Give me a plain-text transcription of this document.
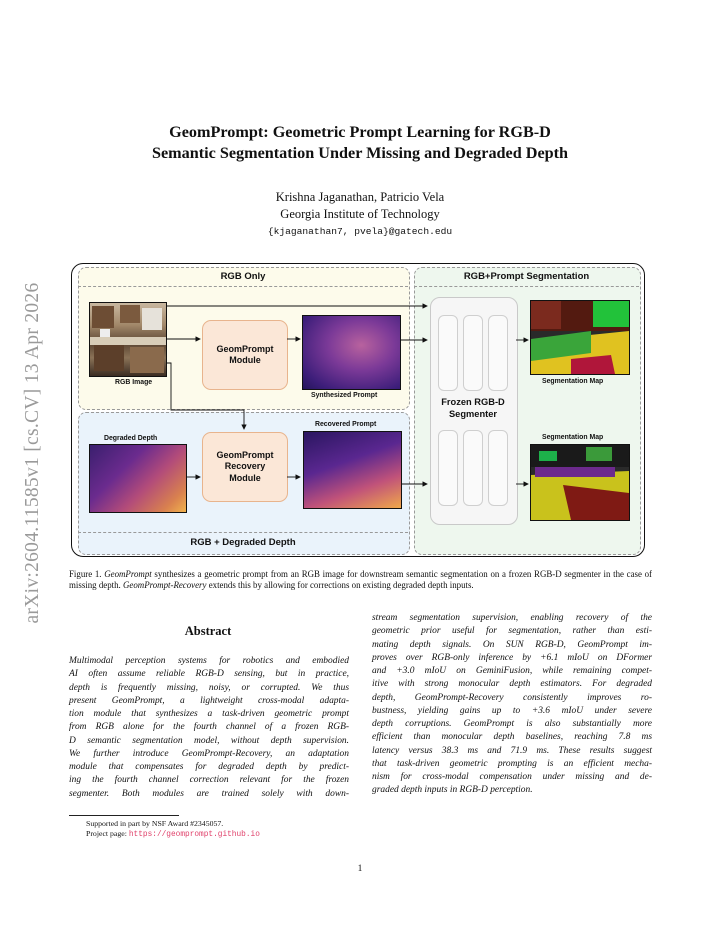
arXiv:2604.11585v1 [cs.CV] 13 Apr 2026
GeomPrompt: Geometric Prompt Learning for RGB-D
Semantic Segmentation Under Missing and Degraded Depth
Krishna Jaganathan, Patricio Vela
Georgia Institute of Technology
{kjaganathan7, pvela}@gatech.edu
RGB Only
RGB + Degraded Depth
RGB+Prompt Segmentation
RGB Image
GeomPrompt
Module
Synthesized Prompt
Degraded Depth
GeomPrompt
Recovery
Module
Recovered Prompt
Frozen RGB-D
Segmenter
Segmentation Map
Segmentation Map
Figure 1. GeomPrompt synthesizes a geometric prompt from an RGB image for downstream semantic segmentation on a frozen RGB-D segmenter in the case of missing depth. GeomPrompt-Recovery extends this by allowing for corrections on existing degraded depth inputs.
Abstract
Multimodal perception systems for robotics and embodied
AI often assume reliable RGB-D sensing, but in practice,
depth is frequently missing, noisy, or corrupted. We thus
present GeomPrompt, a lightweight cross-modal adapta-
tion module that synthesizes a task-driven geometric prompt
from RGB alone for the fourth channel of a frozen RGB-
D semantic segmentation model, without depth supervision.
We further introduce GeomPrompt-Recovery, an adaptation
module that compensates for degraded depth by predict-
ing the fourth channel correction relevant for the frozen
segmenter. Both modules are trained solely with down-
stream segmentation supervision, enabling recovery of the
geometric prior useful for segmentation, rather than esti-
mating depth signals. On SUN RGB-D, GeomPrompt im-
proves over RGB-only inference by +6.1 mIoU on DFormer
and +3.0 mIoU on GeminiFusion, while remaining compet-
itive with strong monocular depth estimators. For degraded
depth, GeomPrompt-Recovery consistently improves ro-
bustness, yielding gains up to +3.6 mIoU under severe
depth corruptions. GeomPrompt is also substantially more
efficient than monocular depth baselines, reaching 7.8 ms
latency versus 38.3 ms and 71.9 ms. These results suggest
that task-driven geometric prompting is an efficient mecha-
nism for cross-modal compensation under missing and de-
graded depth inputs in RGB-D perception.
Supported in part by NSF Award #2345057.
Project page: https://geomprompt.github.io
1
